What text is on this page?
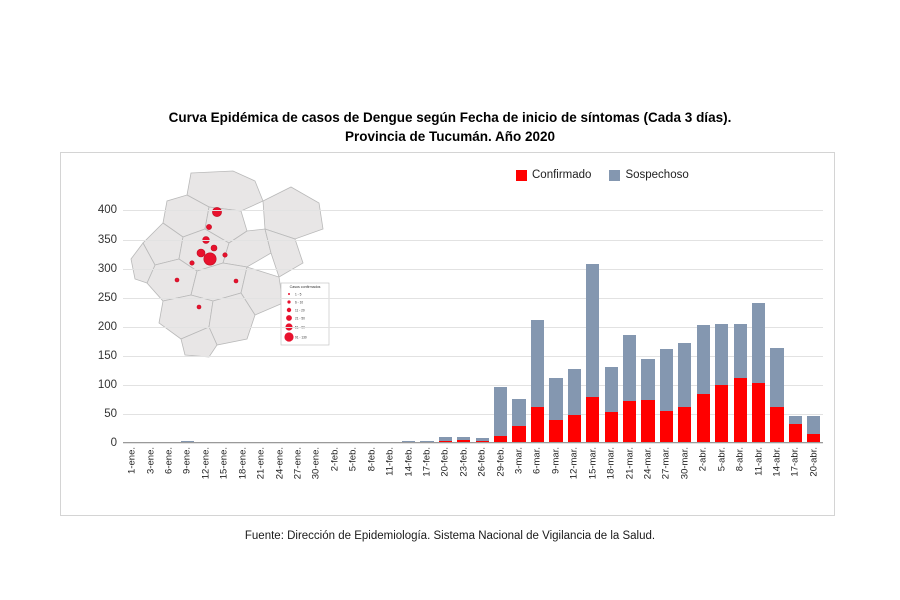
Curva Epidémica de casos de Dengue según Fecha de inicio de síntomas (Cada 3 días).
Provincia de Tucumán. Año 2020
Confirmado	Sospechoso
Casos confirmados
1 - 5
6 - 10
11 - 20
21 - 50
91 - 130
0
50
100
150
200
250
300
350
400
1-ene. 3-ene. 6-ene. 9-ene. 12-ene. 15-ene. 18-ene. 21-ene. 24-ene. 27-ene. 30-ene. 2-feb. 5-feb. 8-feb. 11-feb. 14-feb. 17-feb. 20-feb. 23-feb. 26-feb. 29-feb. 3-mar. 6-mar. 9-mar. 12-mar. 15-mar. 18-mar. 21-mar. 24-mar. 27-mar. 30-mar. 2-abr. 5-abr. 8-abr. 11-abr. 14-abr. 17-abr. 20-abr.
Fuente: Dirección de Epidemiología. Sistema Nacional de Vigilancia de la Salud.
